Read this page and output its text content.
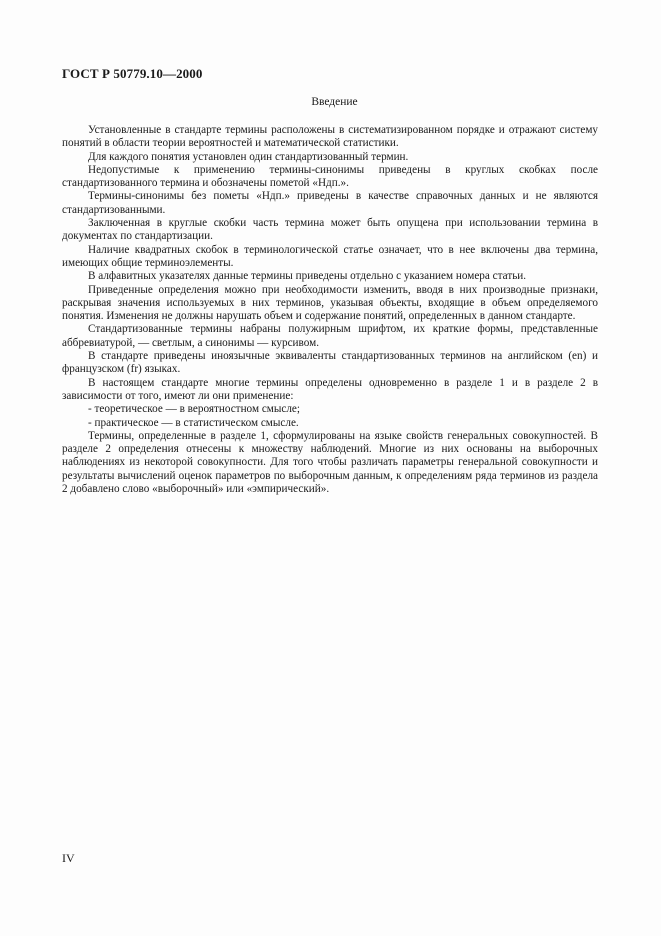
ГОСТ Р 50779.10—2000
Введение

Установленные в стандарте термины расположены в систематизированном порядке и отражают систему понятий в области теории вероятностей и математической статистики.

Для каждого понятия установлен один стандартизованный термин.

Недопустимые к применению термины-синонимы приведены в круглых скобках после стандартизованного термина и обозначены пометой «Ндп.».

Термины-синонимы без пометы «Ндп.» приведены в качестве справочных данных и не являются стандартизованными.

Заключенная в круглые скобки часть термина может быть опущена при использовании термина в документах по стандартизации.

Наличие квадратных скобок в терминологической статье означает, что в нее включены два термина, имеющих общие терминоэлементы.

В алфавитных указателях данные термины приведены отдельно с указанием номера статьи.

Приведенные определения можно при необходимости изменить, вводя в них производные признаки, раскрывая значения используемых в них терминов, указывая объекты, входящие в объем определяемого понятия. Изменения не должны нарушать объем и содержание понятий, определенных в данном стандарте.

Стандартизованные термины набраны полужирным шрифтом, их краткие формы, представленные аббревиатурой, — светлым, а синонимы — курсивом.

В стандарте приведены иноязычные эквиваленты стандартизованных терминов на английском (en) и французском (fr) языках.

В настоящем стандарте многие термины определены одновременно в разделе 1 и в разделе 2 в зависимости от того, имеют ли они применение:

- теоретическое — в вероятностном смысле;

- практическое — в статистическом смысле.

Термины, определенные в разделе 1, сформулированы на языке свойств генеральных совокупностей. В разделе 2 определения отнесены к множеству наблюдений. Многие из них основаны на выборочных наблюдениях из некоторой совокупности. Для того чтобы различать параметры генеральной совокупности и результаты вычислений оценок параметров по выборочным данным, к определениям ряда терминов из раздела 2 добавлено слово «выборочный» или «эмпирический».

IV
